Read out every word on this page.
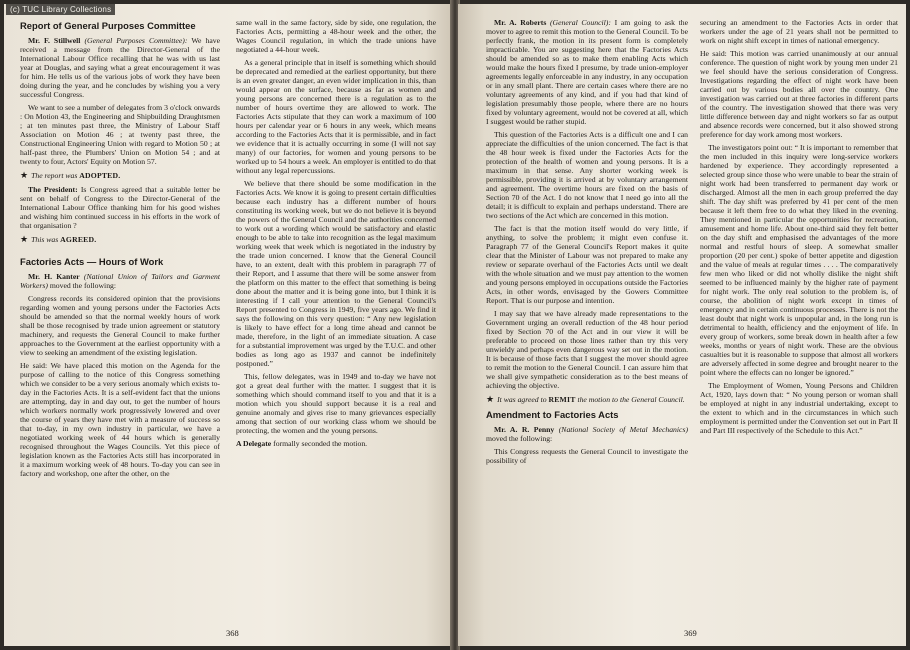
(c) TUC Library Collections
Report of General Purposes Committee

Mr. F. Stillwell (General Purposes Committee): We have received a message from the Director-General of the International Labour Office recalling that he was with us last year at Douglas, and saying what a great encouragement it was for him. He tells us of the various jobs of work they have been doing during the year, and he concludes by wishing you a very successful Congress.

We want to see a number of delegates from 3 o'clock onwards : On Motion 43, the Engineering and Shipbuilding Draughtsmen ; at ten minutes past three, the Ministry of Labour Staff Association on Motion 46 ; at twenty past three, the Constructional Engineering Union with regard to Motion 50 ; at half-past three, the Plumbers' Union on Motion 54 ; and at twenty to four, Actors' Equity on Motion 57.

★ The report was ADOPTED.

The President: Is Congress agreed that a suitable letter be sent on behalf of Congress to the Director-General of the International Labour Office thanking him for his good wishes and wishing him continued success in his efforts in the work of that organisation ?

★ This was AGREED.

Factories Acts — Hours of Work

Mr. H. Kanter (National Union of Tailors and Garment Workers) moved the following:

Congress records its considered opinion that the provisions regarding women and young persons under the Factories Acts should be amended so that the normal weekly hours of work shall be those recognised by trade union agreement or statutory machinery, and requests the General Council to make further approaches to the Government at the earliest opportunity with a view to seeking an amendment of the existing legislation.

He said: We have placed this motion on the Agenda for the purpose of calling to the notice of this Congress something which we consider to be a very serious anomaly which exists to-day in the Factories Acts. It is a self-evident fact that the unions are attempting, day in and day out, to get the number of hours which workers normally work progressively lowered and over the course of years they have met with a measure of success so that to-day, in my own industry in particular, we have a negotiated working week of 44 hours which is generally recognised throughout the Wages Councils. Yet this piece of legislation known as the Factories Acts still has incorporated in it a maximum working week of 48 hours. To-day you can see in factory and workshop, one after the other, on the

same wall in the same factory, side by side, one regulation, the Factories Acts, permitting a 48-hour week and the other, the Wages Council regulation, in which the trade unions have negotiated a 44-hour week.

As a general principle that in itself is something which should be deprecated and remedied at the earliest opportunity, but there is an even greater danger, an even wider implication in this, than would appear on the surface, because as far as women and young persons are concerned there is a regulation as to the number of hours overtime they are allowed to work. The Factories Acts stipulate that they can work a maximum of 100 hours per calendar year or 6 hours in any week, which means according to the Factories Acts that it is permissible, and in fact we evidence that it is actually occurring in some (I will not say many) of our factories, for women and young persons to be worked up to 54 hours a week. An employer is entitled to do that without any legal repercussions.

We believe that there should be some modification in the Factories Acts. We know it is going to present certain difficulties because each industry has a different number of hours constituting its working week, but we do not believe it is beyond the powers of the General Council and the authorities concerned to work out a wording which would be satisfactory and elastic enough to be able to take into recognition as the legal maximum working week that week which is negotiated in the industry by the trade union concerned. I know that the General Council have, to an extent, dealt with this problem in paragraph 77 of their Report, and I assume that there will be some answer from the platform on this matter to the effect that something is being done about the matter and it is being gone into, but I think it is interesting if I call your attention to the General Council's Report presented to Congress in 1949, five years ago. We find it says the following on this very question: “ Any new legislation is likely to have effect for a long time ahead and cannot be made, therefore, in the light of an immediate situation. A case for a substantial improvement was urged by the T.U.C. and other bodies as long ago as 1937 and cannot be indefinitely postponed.”

This, fellow delegates, was in 1949 and to-day we have not got a great deal further with the matter. I suggest that it is something which should command itself to you and that it is a motion which you should support because it is a real and genuine anomaly and gives rise to many grievances especially among that section of our working class whom we should be protecting, the women and the young persons.

A Delegate formally seconded the motion.

368

Mr. A. Roberts (General Council): I am going to ask the mover to agree to remit this motion to the General Council. To be perfectly frank, the motion in its present form is completely impracticable. You are suggesting here that the Factories Acts should be amended so as to make them enabling Acts which would make the hours fixed I presume, by trade union-employer agreements legally enforceable in any industry, in any occupation or in any small plant. There are certain cases where there are no voluntary agreements of any kind, and if you had that kind of legislation presumably those people, where there are no hours fixed by voluntary agreement, would not be covered at all, which I suggest would be rather stupid.

This question of the Factories Acts is a difficult one and I can appreciate the difficulties of the union concerned. The fact is that the 48 hour week is fixed under the Factories Acts for the protection of the health of women and young persons. It is a maximum in that sense. Any shorter working week is permissible, providing it is arrived at by voluntary arrangement and agreement. The overtime hours are fixed on the basis of Section 70 of the Act. I do not know that I need go into all the detail; it is difficult to explain and perhaps understand. There are two sections of the Act which are concerned in this motion.

The fact is that the motion itself would do very little, if anything, to solve the problem; it might even confuse it. Paragraph 77 of the General Council's Report makes it quite clear that the Minister of Labour was not prepared to make any review or separate overhaul of the Factories Acts until we dealt with the whole situation and we must pay attention to the women and young persons employed in occupations outside the Factories Acts, in other words, envisaged by the Gowers Committee Report. That is our purpose and intention.

I may say that we have already made representations to the Government urging an overall reduction of the 48 hour period fixed by Section 70 of the Act and in our view it will be preferable to proceed on those lines rather than try this very unwieldy and perhaps even dangerous way set out in the motion. It is because of those facts that I suggest the mover should agree to remit the motion to the General Council. I can assure him that we shall give sympathetic consideration as to the best means of achieving the objective.

★ It was agreed to REMIT the motion to the General Council.

Amendment to Factories Acts

Mr. A. R. Penny (National Society of Metal Mechanics) moved the following:

This Congress requests the General Council to investigate the possibility of

securing an amendment to the Factories Acts in order that workers under the age of 21 years shall not be permitted to work on night shift except in times of national emergency.

He said: This motion was carried unanimously at our annual conference. The question of night work by young men under 21 we feel should have the serious consideration of Congress. Investigations regarding the effect of night work have been carried out by various bodies all over the country. One investigation was carried out at three factories in different parts of the country. The investigation showed that there was very little difference between day and night workers so far as output and absence records were concerned, but it also showed strong preference for day work among most workers.

The investigators point out: “ It is important to remember that the men included in this inquiry were long-service workers hardened by experience. They accordingly represented a selected group since those who were unable to bear the strain of night work had been transferred to permanent day work or discharged. Almost all the men in each group preferred the day shift. The day shift was preferred by 41 per cent of the men because it left them free to do what they liked in the evening. They mentioned in particular the opportunities for recreation, amusement and home life. About one-third said they felt better on the day shift and emphasised the advantages of the more normal and restful hours of sleep. A somewhat smaller proportion (20 per cent.) spoke of better appetite and digestion and the value of meals at regular times . . . . The comparatively few men who liked or did not wholly dislike the night shift seemed to be influenced mainly by the higher rate of payment for night work. The only real solution to the problem is, of course, the abolition of night work except in times of emergency and in certain continuous processes. There is not the least doubt that night work is unpopular and, in the long run is detrimental to health, efficiency and the enjoyment of life. In every group of workers, some break down in health after a few weeks, months or years of night work. These are the obvious casualties but it is reasonable to suppose that almost all workers are adversely affected in some degree and brought nearer to the point where the effects can no longer be ignored.”

The Employment of Women, Young Persons and Children Act, 1920, lays down that: “ No young person or woman shall be employed at night in any industrial undertaking, except to the extent to which and in the circumstances in which such employment is permitted under the Convention set out in Part II and Part III respectively of the Schedule to this Act.”

369
